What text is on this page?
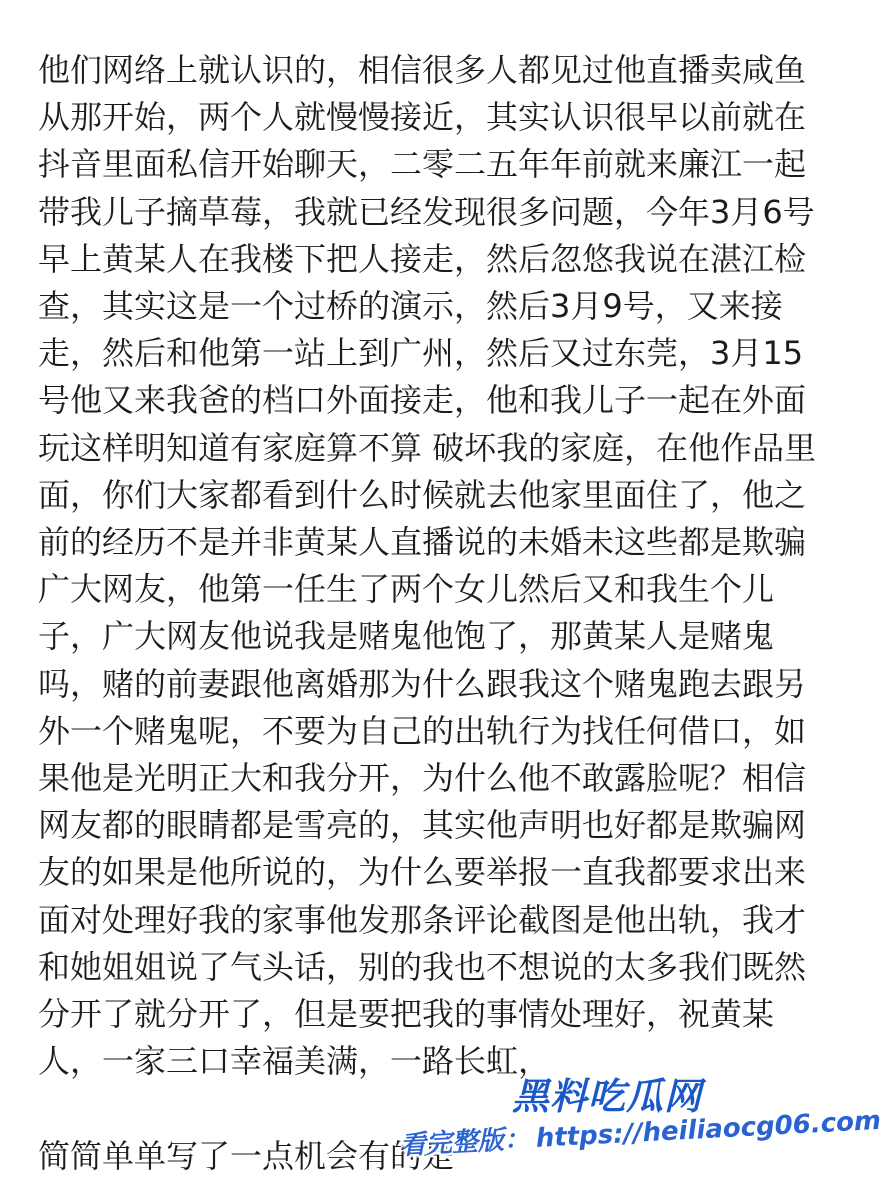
他们网络上就认识的，相信很多人都见过他直播卖咸鱼
从那开始，两个人就慢慢接近，其实认识很早以前就在
抖音里面私信开始聊天，二零二五年年前就来廉江一起
带我儿子摘草莓，我就已经发现很多问题，今年3月6号
早上黄某人在我楼下把人接走，然后忽悠我说在湛江检
查，其实这是一个过桥的演示，然后3月9号，又来接
走，然后和他第一站上到广州，然后又过东莞，3月15
号他又来我爸的档口外面接走，他和我儿子一起在外面
玩这样明知道有家庭算不算 破坏我的家庭，在他作品里
面，你们大家都看到什么时候就去他家里面住了，他之
前的经历不是并非黄某人直播说的未婚未这些都是欺骗
广大网友，他第一任生了两个女儿然后又和我生个儿
子，广大网友他说我是赌鬼他饱了，那黄某人是赌鬼
吗，赌的前妻跟他离婚那为什么跟我这个赌鬼跑去跟另
外一个赌鬼呢，不要为自己的出轨行为找任何借口，如
果他是光明正大和我分开，为什么他不敢露脸呢？相信
网友都的眼睛都是雪亮的，其实他声明也好都是欺骗网
友的如果是他所说的，为什么要举报一直我都要求出来
面对处理好我的家事他发那条评论截图是他出轨，我才
和她姐姐说了气头话，别的我也不想说的太多我们既然
分开了就分开了，但是要把我的事情处理好，祝黄某
人，一家三口幸福美满，一路长虹，
简简单单写了一点机会有的是
黑料吃瓜网
看完整版： https://heiliaocg06.com
